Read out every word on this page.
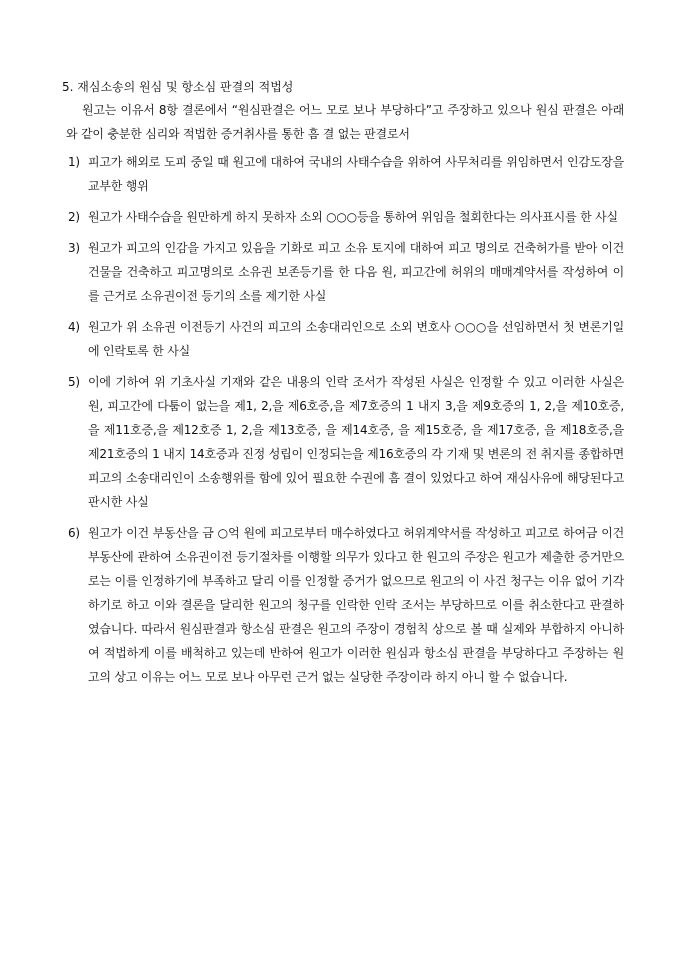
5. 재심소송의 원심 및 항소심 판결의 적법성
원고는 이유서 8항 결론에서 “원심판결은 어느 모로 보나 부당하다”고 주장하고 있으나 원심 판결은 아래와 같이 충분한 심리와 적법한 증거취사를 통한 흠 결 없는 판결로서
1) 피고가 해외로 도피 중일 때 원고에 대하여 국내의 사태수습을 위하여 사무처리를 위임하면서 인감도장을 교부한 행위
2) 원고가 사태수습을 원만하게 하지 못하자 소외 ○○○등을 통하여 위임을 철회한다는 의사표시를 한 사실
3) 원고가 피고의 인감을 가지고 있음을 기화로 피고 소유 토지에 대하여 피고 명의로 건축허가를 받아 이건 건물을 건축하고 피고명의로 소유권 보존등기를 한 다음 원, 피고간에 허위의 매매계약서를 작성하여 이를 근거로 소유권이전 등기의 소를 제기한 사실
4) 원고가 위 소유권 이전등기 사건의 피고의 소송대리인으로 소외 변호사 ○○○을 선임하면서 첫 변론기일에 인락토록 한 사실
5) 이에 기하여 위 기초사실 기재와 같은 내용의 인락 조서가 작성된 사실은 인정할 수 있고 이러한 사실은 원, 피고간에 다툼이 없는을 제1, 2,을 제6호증,을 제7호증의 1 내지 3,을 제9호증의 1, 2,을 제10호증,을 제11호증,을 제12호증 1, 2,을 제13호증, 을 제14호증, 을 제15호증, 을 제17호증, 을 제18호증,을 제21호증의 1 내지 14호증과 진정 성립이 인정되는을 제16호증의 각 기재 및 변론의 전 취지를 종합하면 피고의 소송대리인이 소송행위를 함에 있어 필요한 수권에 흠 결이 있었다고 하여 재심사유에 해당된다고 판시한 사실
6) 원고가 이건 부동산을 금 ○억 원에 피고로부터 매수하였다고 허위계약서를 작성하고 피고로 하여금 이건 부동산에 관하여 소유권이전 등기절차를 이행할 의무가 있다고 한 원고의 주장은 원고가 제출한 증거만으로는 이를 인정하기에 부족하고 달리 이를 인정할 증거가 없으므로 원고의 이 사건 청구는 이유 없어 기각하기로 하고 이와 결론을 달리한 원고의 청구를 인락한 인락 조서는 부당하므로 이를 취소한다고 판결하였습니다. 따라서 원심판결과 항소심 판결은 원고의 주장이 경험칙 상으로 볼 때 실제와 부합하지 아니하여 적법하게 이를 배척하고 있는데 반하여 원고가 이러한 원심과 항소심 판결을 부당하다고 주장하는 원고의 상고 이유는 어느 모로 보나 아무런 근거 없는 실당한 주장이라 하지 아니 할 수 없습니다.
